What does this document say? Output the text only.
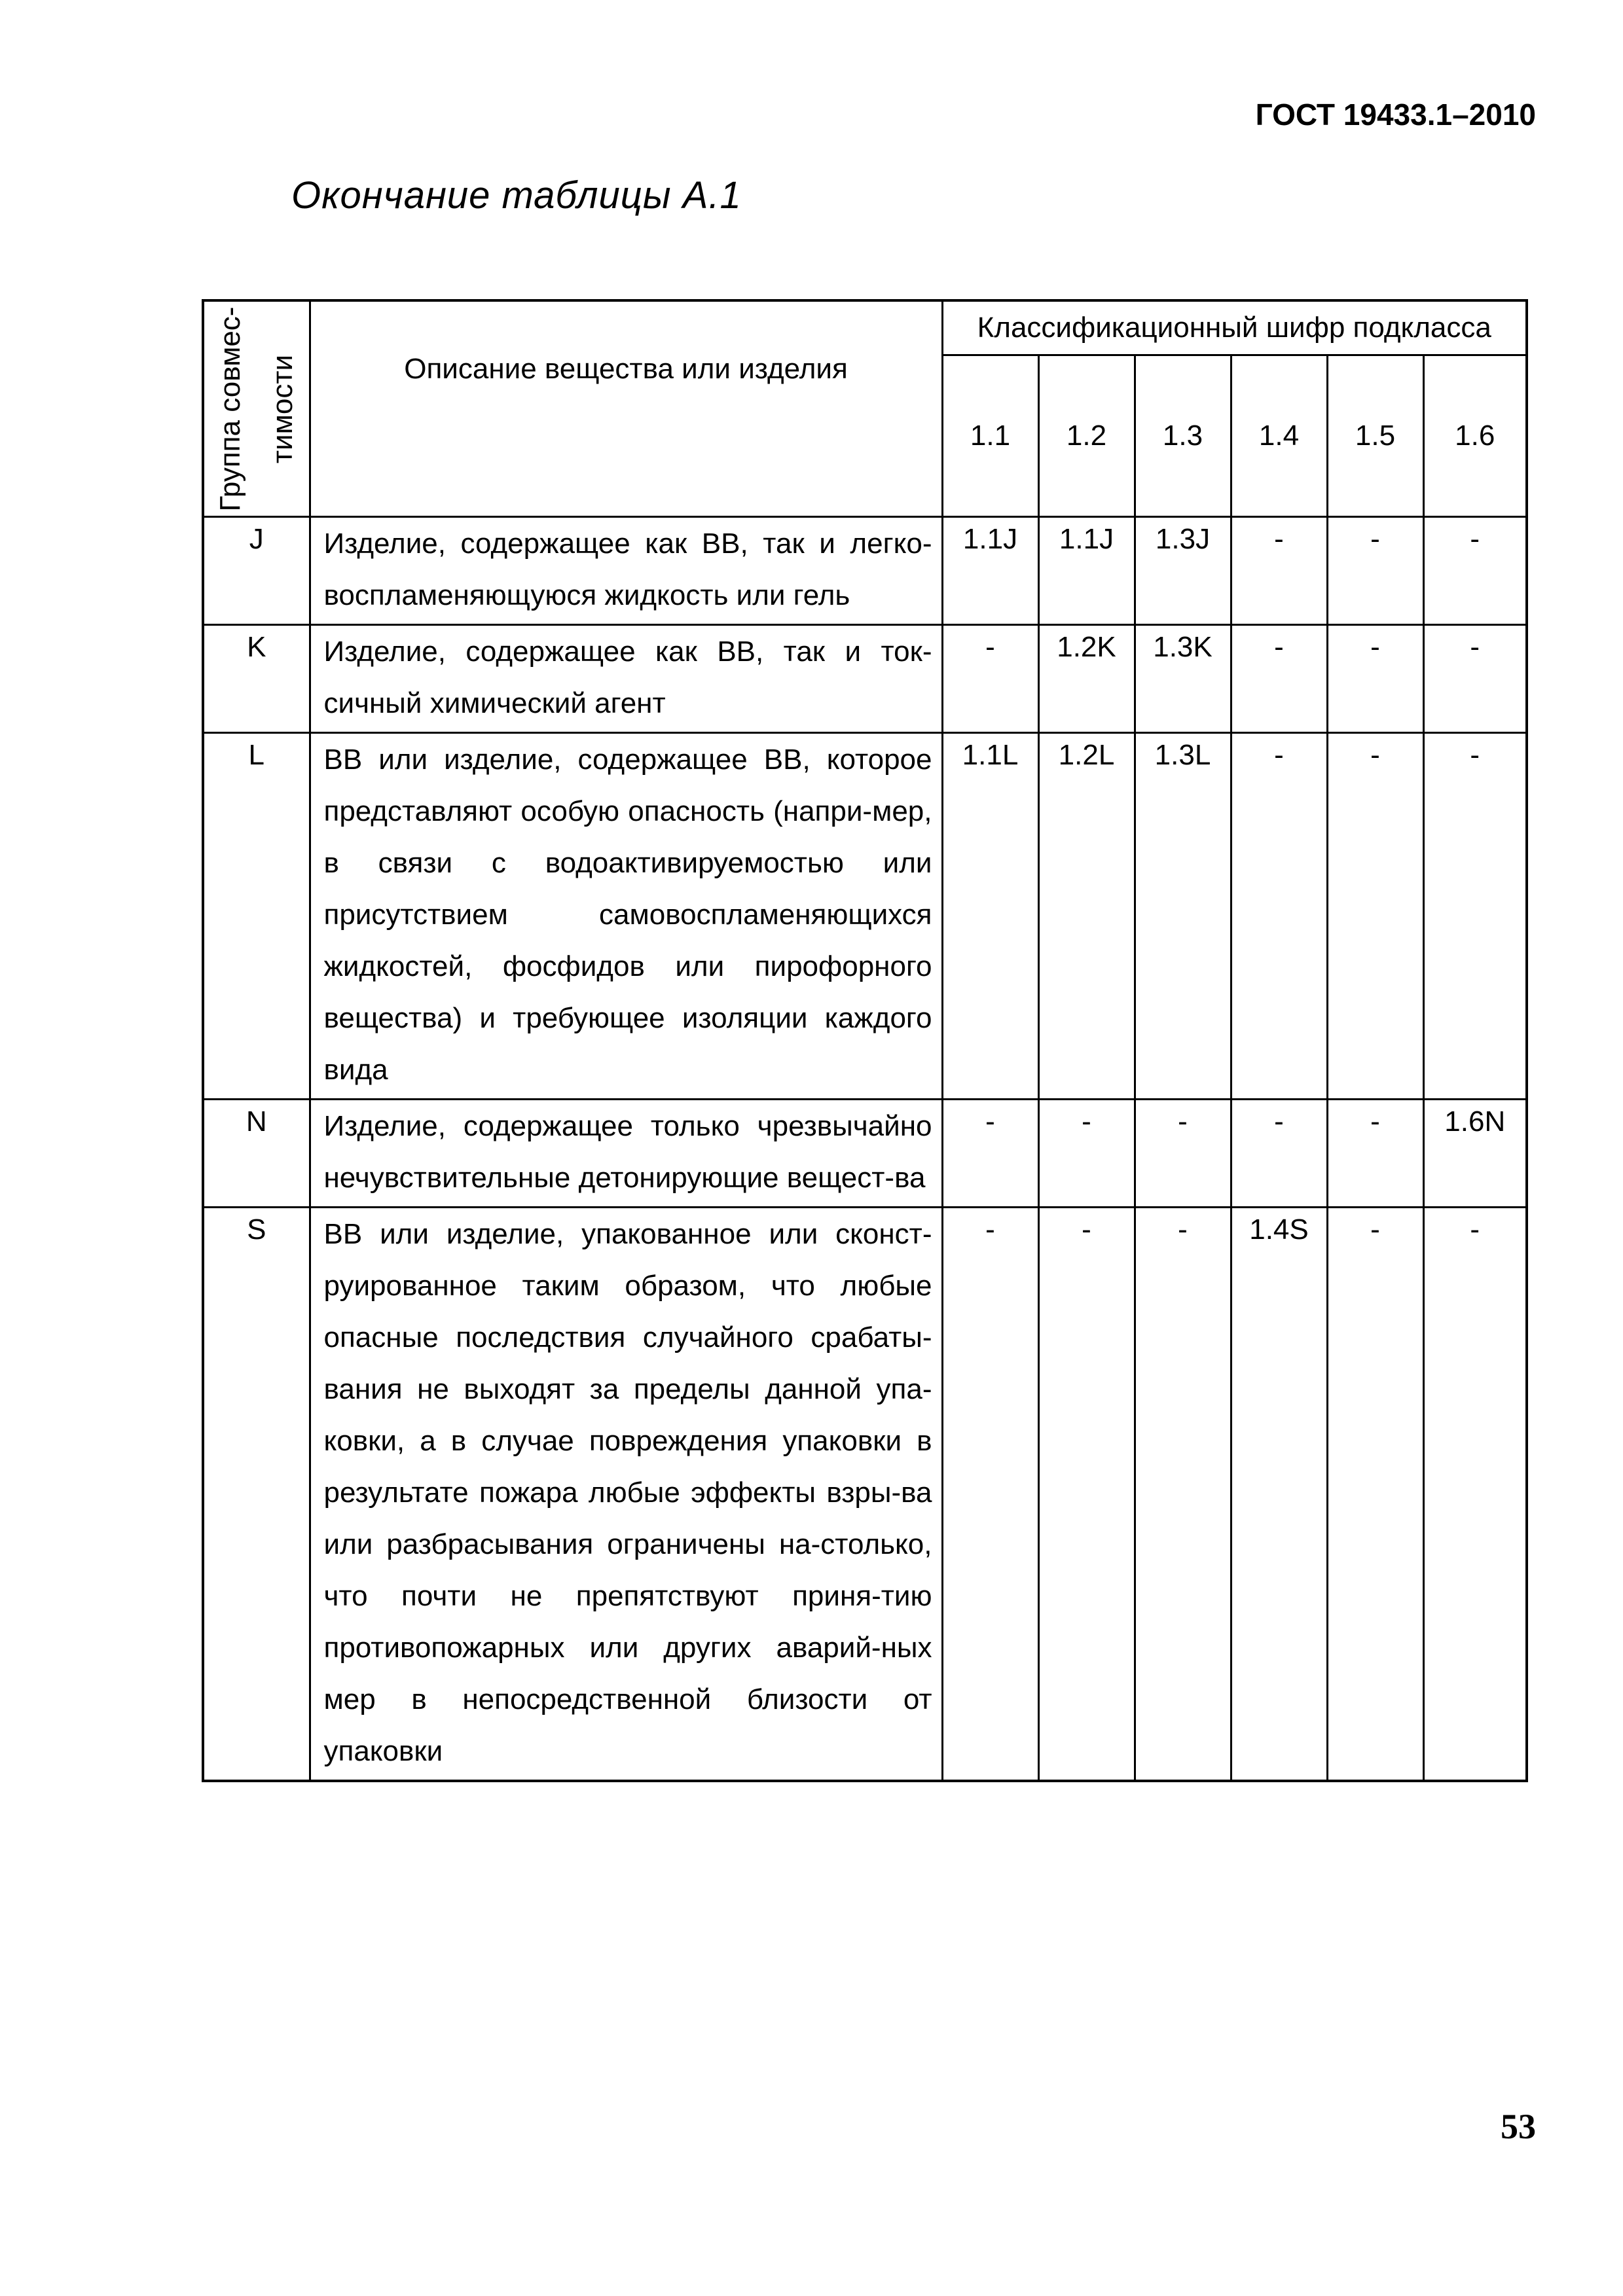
ГОСТ 19433.1–2010
Окончание таблицы А.1
Группа совмес- тимости	Описание вещества или изделия	Классификационный шифр подкласса					
		1.1	1.2	1.3	1.4	1.5	1.6
J	Изделие, содержащее как ВВ, так и легко-воспламеняющуюся жидкость или гель	1.1J	1.1J	1.3J	-	-	-
K	Изделие, содержащее как ВВ, так и ток-сичный химический агент	-	1.2K	1.3K	-	-	-
L	ВВ или изделие, содержащее ВВ, которое представляют особую опасность (напри-мер, в связи с водоактивируемостью или присутствием самовоспламеняющихся жидкостей, фосфидов или пирофорного вещества) и требующее изоляции каждого вида	1.1L	1.2L	1.3L	-	-	-
N	Изделие, содержащее только чрезвычайно нечувствительные детонирующие вещест-ва	-	-	-	-	-	1.6N
S	ВВ или изделие, упакованное или сконст-руированное таким образом, что любые опасные последствия случайного срабаты-вания не выходят за пределы данной упа-ковки, а в случае повреждения упаковки в результате пожара любые эффекты взры-ва или разбрасывания ограничены на-столько, что почти не препятствуют приня-тию противопожарных или других аварий-ных мер в непосредственной близости от упаковки	-	-	-	1.4S	-	-
53
